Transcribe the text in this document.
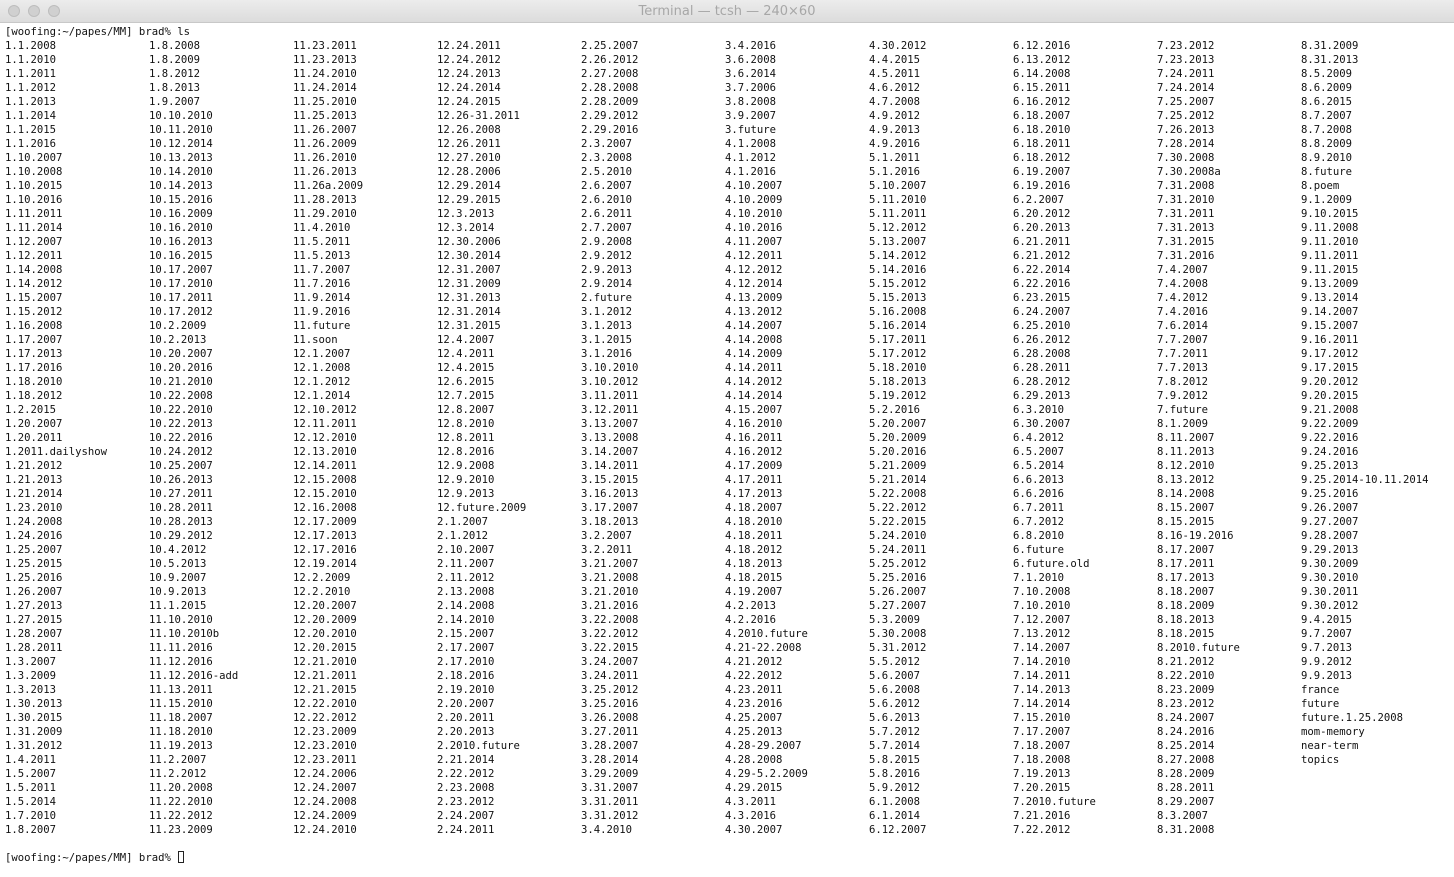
Terminal — tcsh — 240×60
[woofing:~/papes/MM] brad% ls
1.1.2008
1.1.2010
1.1.2011
1.1.2012
1.1.2013
1.1.2014
1.1.2015
1.1.2016
1.10.2007
1.10.2008
1.10.2015
1.10.2016
1.11.2011
1.11.2014
1.12.2007
1.12.2011
1.14.2008
1.14.2012
1.15.2007
1.15.2012
1.16.2008
1.17.2007
1.17.2013
1.17.2016
1.18.2010
1.18.2012
1.2.2015
1.20.2007
1.20.2011
1.2011.dailyshow
1.21.2012
1.21.2013
1.21.2014
1.23.2010
1.24.2008
1.24.2016
1.25.2007
1.25.2015
1.25.2016
1.26.2007
1.27.2013
1.27.2015
1.28.2007
1.28.2011
1.3.2007
1.3.2009
1.3.2013
1.30.2013
1.30.2015
1.31.2009
1.31.2012
1.4.2011
1.5.2007
1.5.2011
1.5.2014
1.7.2010
1.8.2007
1.8.2008
1.8.2009
1.8.2012
1.8.2013
1.9.2007
10.10.2010
10.11.2010
10.12.2014
10.13.2013
10.14.2010
10.14.2013
10.15.2016
10.16.2009
10.16.2010
10.16.2013
10.16.2015
10.17.2007
10.17.2010
10.17.2011
10.17.2012
10.2.2009
10.2.2013
10.20.2007
10.20.2016
10.21.2010
10.22.2008
10.22.2010
10.22.2013
10.22.2016
10.24.2012
10.25.2007
10.26.2013
10.27.2011
10.28.2011
10.28.2013
10.29.2012
10.4.2012
10.5.2013
10.9.2007
10.9.2013
11.1.2015
11.10.2010
11.10.2010b
11.11.2016
11.12.2016
11.12.2016-add
11.13.2011
11.15.2010
11.18.2007
11.18.2010
11.19.2013
11.2.2007
11.2.2012
11.20.2008
11.22.2010
11.22.2012
11.23.2009
11.23.2011
11.23.2013
11.24.2010
11.24.2014
11.25.2010
11.25.2013
11.26.2007
11.26.2009
11.26.2010
11.26.2013
11.26a.2009
11.28.2013
11.29.2010
11.4.2010
11.5.2011
11.5.2013
11.7.2007
11.7.2016
11.9.2014
11.9.2016
11.future
11.soon
12.1.2007
12.1.2008
12.1.2012
12.1.2014
12.10.2012
12.11.2011
12.12.2010
12.13.2010
12.14.2011
12.15.2008
12.15.2010
12.16.2008
12.17.2009
12.17.2013
12.17.2016
12.19.2014
12.2.2009
12.2.2010
12.20.2007
12.20.2009
12.20.2010
12.20.2015
12.21.2010
12.21.2011
12.21.2015
12.22.2010
12.22.2012
12.23.2009
12.23.2010
12.23.2011
12.24.2006
12.24.2007
12.24.2008
12.24.2009
12.24.2010
12.24.2011
12.24.2012
12.24.2013
12.24.2014
12.24.2015
12.26-31.2011
12.26.2008
12.26.2011
12.27.2010
12.28.2006
12.29.2014
12.29.2015
12.3.2013
12.3.2014
12.30.2006
12.30.2014
12.31.2007
12.31.2009
12.31.2013
12.31.2014
12.31.2015
12.4.2007
12.4.2011
12.4.2015
12.6.2015
12.7.2015
12.8.2007
12.8.2010
12.8.2011
12.8.2016
12.9.2008
12.9.2010
12.9.2013
12.future.2009
2.1.2007
2.1.2012
2.10.2007
2.11.2007
2.11.2012
2.13.2008
2.14.2008
2.14.2010
2.15.2007
2.17.2007
2.17.2010
2.18.2016
2.19.2010
2.20.2007
2.20.2011
2.20.2013
2.2010.future
2.21.2014
2.22.2012
2.23.2008
2.23.2012
2.24.2007
2.24.2011
2.25.2007
2.26.2012
2.27.2008
2.28.2008
2.28.2009
2.29.2012
2.29.2016
2.3.2007
2.3.2008
2.5.2010
2.6.2007
2.6.2010
2.6.2011
2.7.2007
2.9.2008
2.9.2012
2.9.2013
2.9.2014
2.future
3.1.2012
3.1.2013
3.1.2015
3.1.2016
3.10.2010
3.10.2012
3.11.2011
3.12.2011
3.13.2007
3.13.2008
3.14.2007
3.14.2011
3.15.2015
3.16.2013
3.17.2007
3.18.2013
3.2.2007
3.2.2011
3.21.2007
3.21.2008
3.21.2010
3.21.2016
3.22.2008
3.22.2012
3.22.2015
3.24.2007
3.24.2011
3.25.2012
3.25.2016
3.26.2008
3.27.2011
3.28.2007
3.28.2014
3.29.2009
3.31.2007
3.31.2011
3.31.2012
3.4.2010
3.4.2016
3.6.2008
3.6.2014
3.7.2006
3.8.2008
3.9.2007
3.future
4.1.2008
4.1.2012
4.1.2016
4.10.2007
4.10.2009
4.10.2010
4.10.2016
4.11.2007
4.12.2011
4.12.2012
4.12.2014
4.13.2009
4.13.2012
4.14.2007
4.14.2008
4.14.2009
4.14.2011
4.14.2012
4.14.2014
4.15.2007
4.16.2010
4.16.2011
4.16.2012
4.17.2009
4.17.2011
4.17.2013
4.18.2007
4.18.2010
4.18.2011
4.18.2012
4.18.2013
4.18.2015
4.19.2007
4.2.2013
4.2.2016
4.2010.future
4.21-22.2008
4.21.2012
4.22.2012
4.23.2011
4.23.2016
4.25.2007
4.25.2013
4.28-29.2007
4.28.2008
4.29-5.2.2009
4.29.2015
4.3.2011
4.3.2016
4.30.2007
4.30.2012
4.4.2015
4.5.2011
4.6.2012
4.7.2008
4.9.2012
4.9.2013
4.9.2016
5.1.2011
5.1.2016
5.10.2007
5.11.2010
5.11.2011
5.12.2012
5.13.2007
5.14.2012
5.14.2016
5.15.2012
5.15.2013
5.16.2008
5.16.2014
5.17.2011
5.17.2012
5.18.2010
5.18.2013
5.19.2012
5.2.2016
5.20.2007
5.20.2009
5.20.2016
5.21.2009
5.21.2014
5.22.2008
5.22.2012
5.22.2015
5.24.2010
5.24.2011
5.25.2012
5.25.2016
5.26.2007
5.27.2007
5.3.2009
5.30.2008
5.31.2012
5.5.2012
5.6.2007
5.6.2008
5.6.2012
5.6.2013
5.7.2012
5.7.2014
5.8.2015
5.8.2016
5.9.2012
6.1.2008
6.1.2014
6.12.2007
6.12.2016
6.13.2012
6.14.2008
6.15.2011
6.16.2012
6.18.2007
6.18.2010
6.18.2011
6.18.2012
6.19.2007
6.19.2016
6.2.2007
6.20.2012
6.20.2013
6.21.2011
6.21.2012
6.22.2014
6.22.2016
6.23.2015
6.24.2007
6.25.2010
6.26.2012
6.28.2008
6.28.2011
6.28.2012
6.29.2013
6.3.2010
6.30.2007
6.4.2012
6.5.2007
6.5.2014
6.6.2013
6.6.2016
6.7.2011
6.7.2012
6.8.2010
6.future
6.future.old
7.1.2010
7.10.2008
7.10.2010
7.12.2007
7.13.2012
7.14.2007
7.14.2010
7.14.2011
7.14.2013
7.14.2014
7.15.2010
7.17.2007
7.18.2007
7.18.2008
7.19.2013
7.20.2015
7.2010.future
7.21.2016
7.22.2012
7.23.2012
7.23.2013
7.24.2011
7.24.2014
7.25.2007
7.25.2012
7.26.2013
7.28.2014
7.30.2008
7.30.2008a
7.31.2008
7.31.2010
7.31.2011
7.31.2013
7.31.2015
7.31.2016
7.4.2007
7.4.2008
7.4.2012
7.4.2016
7.6.2014
7.7.2007
7.7.2011
7.7.2013
7.8.2012
7.9.2012
7.future
8.1.2009
8.11.2007
8.11.2013
8.12.2010
8.13.2012
8.14.2008
8.15.2007
8.15.2015
8.16-19.2016
8.17.2007
8.17.2011
8.17.2013
8.18.2007
8.18.2009
8.18.2013
8.18.2015
8.2010.future
8.21.2012
8.22.2010
8.23.2009
8.23.2012
8.24.2007
8.24.2016
8.25.2014
8.27.2008
8.28.2009
8.28.2011
8.29.2007
8.3.2007
8.31.2008
8.31.2009
8.31.2013
8.5.2009
8.6.2009
8.6.2015
8.7.2007
8.7.2008
8.8.2009
8.9.2010
8.future
8.poem
9.1.2009
9.10.2015
9.11.2008
9.11.2010
9.11.2011
9.11.2015
9.13.2009
9.13.2014
9.14.2007
9.15.2007
9.16.2011
9.17.2012
9.17.2015
9.20.2012
9.20.2015
9.21.2008
9.22.2009
9.22.2016
9.24.2016
9.25.2013
9.25.2014-10.11.2014
9.25.2016
9.26.2007
9.27.2007
9.28.2007
9.29.2013
9.30.2009
9.30.2010
9.30.2011
9.30.2012
9.4.2015
9.7.2007
9.7.2013
9.9.2012
9.9.2013
france
future
future.1.25.2008
mom-memory
near-term
topics
[woofing:~/papes/MM] brad%
